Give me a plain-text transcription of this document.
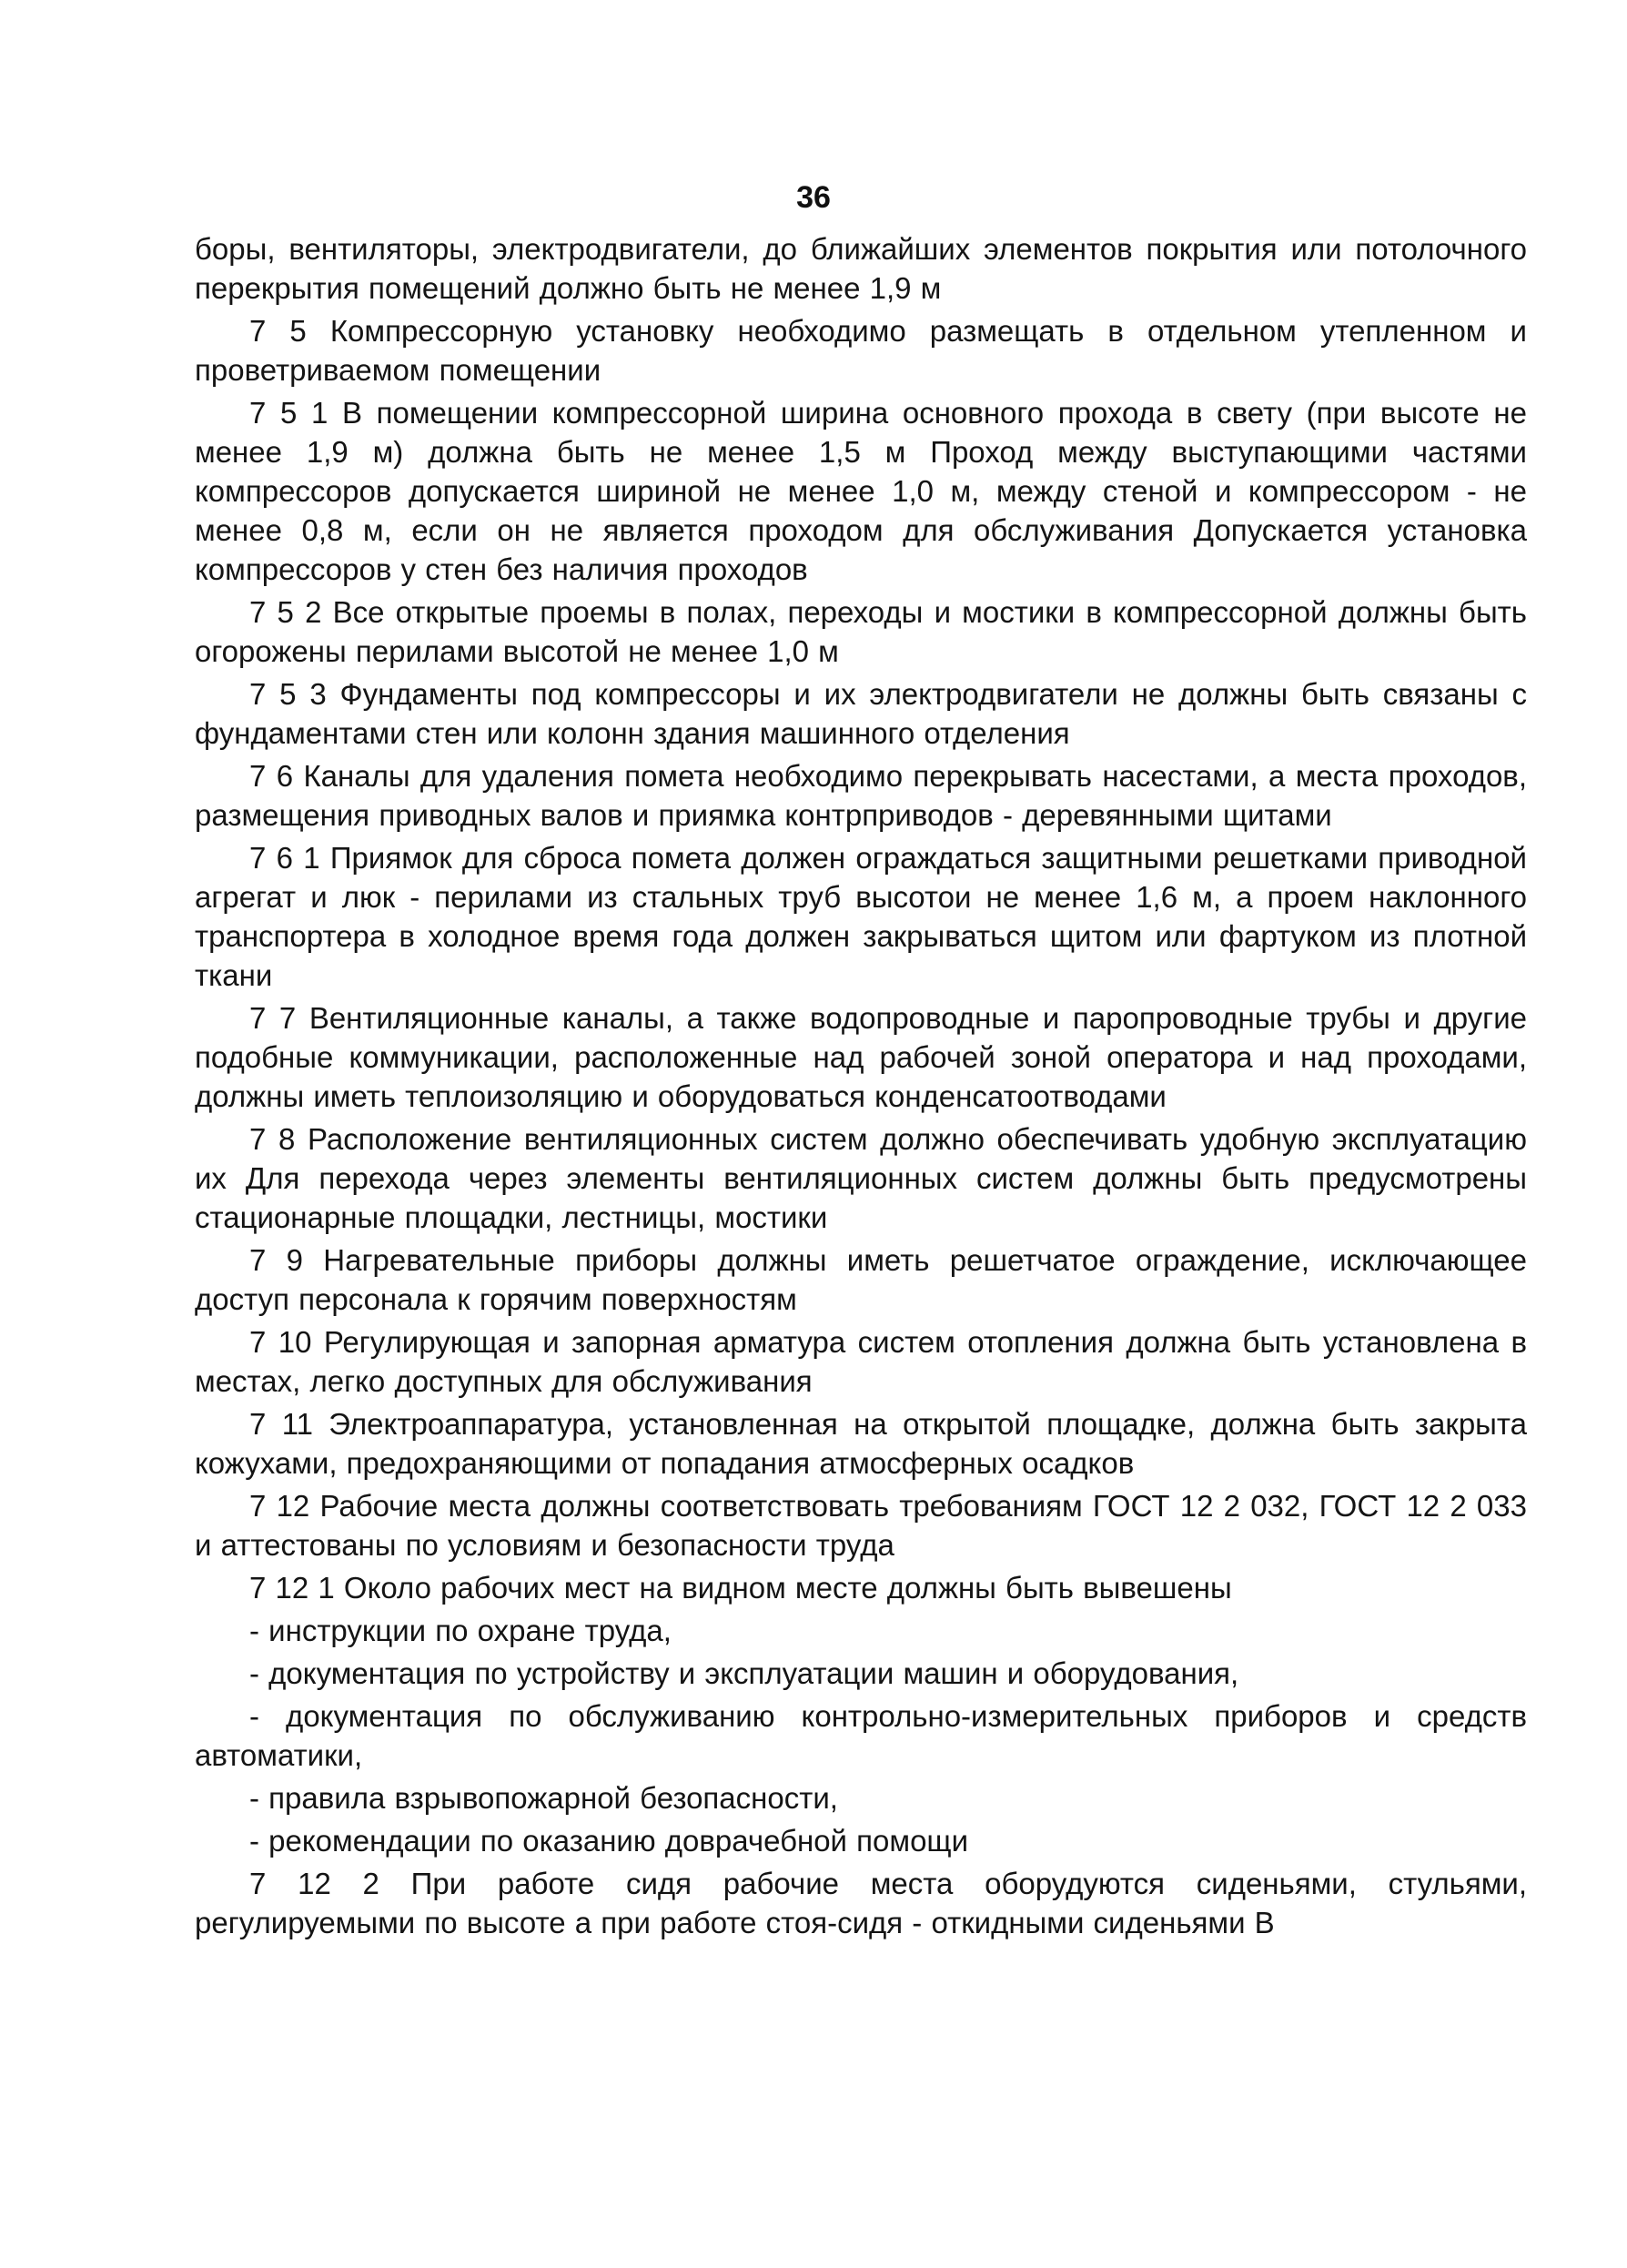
36

боры, вентиляторы, электродвигатели, до ближайших элементов покрытия или потолочного перекрытия помещений должно быть не менее 1,9 м

7 5 Компрессорную установку необходимо размещать в отдельном утепленном и проветриваемом помещении

7 5 1 В помещении компрессорной ширина основного прохода в свету (при высоте не менее 1,9 м) должна быть не менее 1,5 м Проход между выступающими частями компрессоров допускается шириной не менее 1,0 м, между стеной и компрессором - не менее 0,8 м, если он не является проходом для обслуживания Допускается установка компрессоров у стен без наличия проходов

7 5 2 Все открытые проемы в полах, переходы и мостики в компрессорной должны быть огорожены перилами высотой не менее 1,0 м

7 5 3 Фундаменты под компрессоры и их электродвигатели не должны быть связаны с фундаментами стен или колонн здания машинного отделения

7 6 Каналы для удаления помета необходимо перекрывать насестами, а места проходов, размещения приводных валов и приямка контрприводов - деревянными щитами

7 6 1 Приямок для сброса помета должен ограждаться защитными решетками приводной агрегат и люк - перилами из стальных труб высотои не менее 1,6 м, а проем наклонного транспортера в холодное время года должен закрываться щитом или фартуком из плотной ткани

7 7 Вентиляционные каналы, а также водопроводные и паропроводные трубы и другие подобные коммуникации, расположенные над рабочей зоной оператора и над проходами, должны иметь теплоизоляцию и оборудоваться конденсатоотводами

7 8 Расположение вентиляционных систем должно обеспечивать удобную эксплуатацию их Для перехода через элементы вентиляционных систем должны быть предусмотрены стационарные площадки, лестницы, мостики

7 9 Нагревательные приборы должны иметь решетчатое ограждение, исключающее доступ персонала к горячим поверхностям

7 10 Регулирующая и запорная арматура систем отопления должна быть установлена в местах, легко доступных для обслуживания

7 11 Электроаппаратура, установленная на открытой площадке, должна быть закрыта кожухами, предохраняющими от попадания атмосферных осадков

7 12 Рабочие места должны соответствовать требованиям ГОСТ 12 2 032, ГОСТ 12 2 033 и аттестованы по условиям и безопасности труда

7 12 1 Около рабочих мест на видном месте должны быть вывешены

- инструкции по охране труда,

- документация по устройству и эксплуатации машин и оборудования,

- документация по обслуживанию контрольно-измерительных приборов и средств автоматики,

- правила взрывопожарной безопасности,

- рекомендации по оказанию доврачебной помощи

7 12 2 При работе сидя рабочие места оборудуются сиденьями, стульями, регулируемыми по высоте а при работе стоя-сидя - откидными сиденьями В
